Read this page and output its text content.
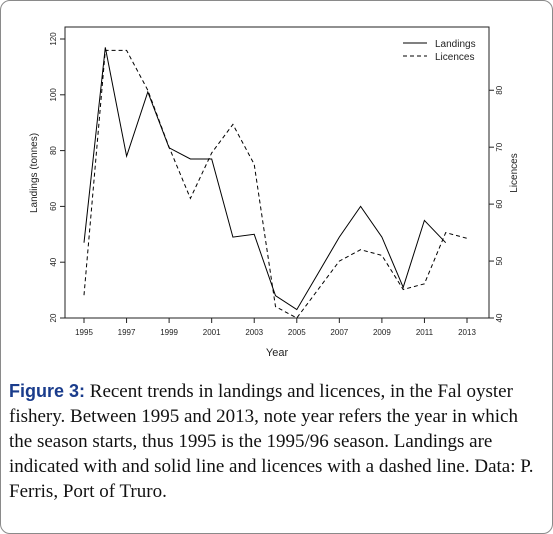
1995	1997	1999	2001	2003	2005	2007	2009	2011	2013
20
40
60
80
100
120
40
50
60
70
80
Year
Landings (tonnes)	Licences
Landings
Licences
Figure 3: Recent trends in landings and licences, in the Fal oyster fishery. Between 1995 and 2013, note year refers the year in which the season starts, thus 1995 is the 1995/96 season. Landings are indicated with and solid line and licences with a dashed line. Data: P. Ferris, Port of Truro.
